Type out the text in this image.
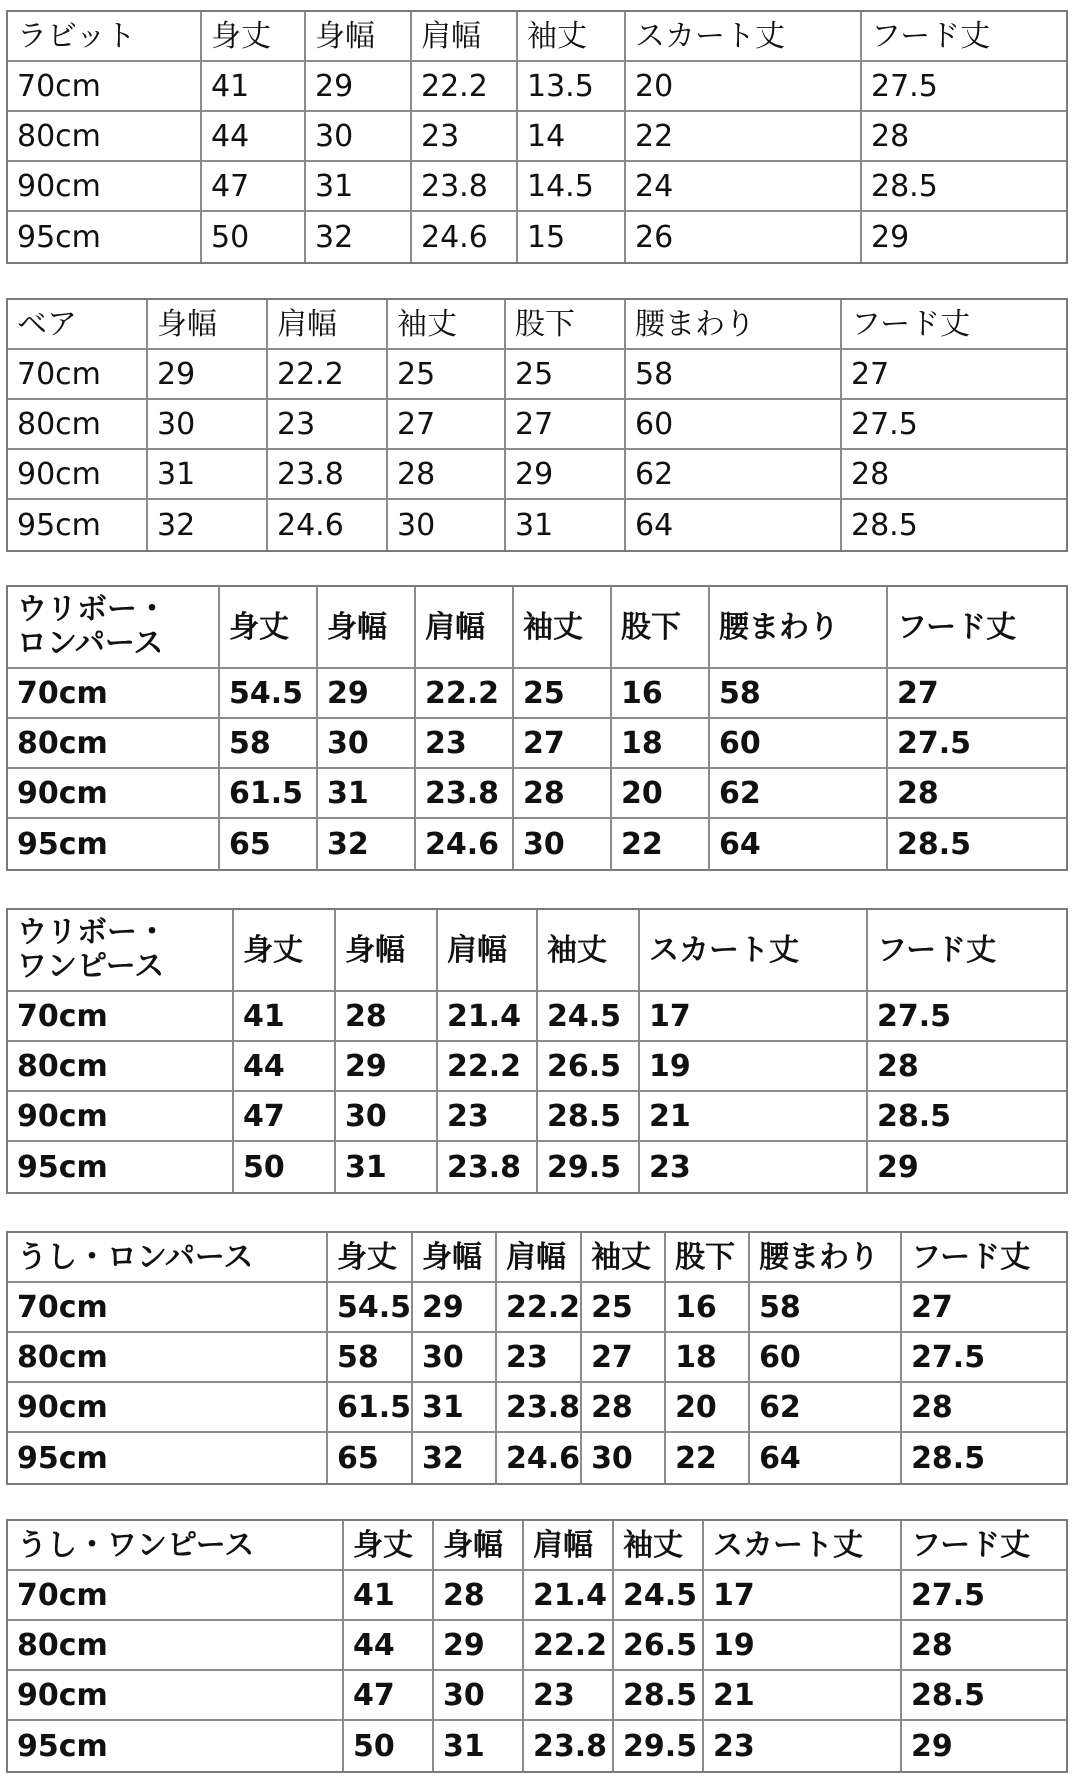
ラビット	身丈	身幅	肩幅	袖丈	スカート丈	フード丈
70cm	41	29	22.2	13.5	20	27.5
80cm	44	30	23	14	22	28
90cm	47	31	23.8	14.5	24	28.5
95cm	50	32	24.6	15	26	29
ベア	身幅	肩幅	袖丈	股下	腰まわり	フード丈
70cm	29	22.2	25	25	58	27
80cm	30	23	27	27	60	27.5
90cm	31	23.8	28	29	62	28
95cm	32	24.6	30	31	64	28.5
ウリボー・
ロンパース	身丈	身幅	肩幅	袖丈	股下	腰まわり	フード丈
70cm	54.5	29	22.2	25	16	58	27
80cm	58	30	23	27	18	60	27.5
90cm	61.5	31	23.8	28	20	62	28
95cm	65	32	24.6	30	22	64	28.5
ウリボー・
ワンピース	身丈	身幅	肩幅	袖丈	スカート丈	フード丈
70cm	41	28	21.4	24.5	17	27.5
80cm	44	29	22.2	26.5	19	28
90cm	47	30	23	28.5	21	28.5
95cm	50	31	23.8	29.5	23	29
うし・ロンパース	身丈	身幅	肩幅	袖丈	股下	腰まわり	フード丈
70cm	54.5	29	22.2	25	16	58	27
80cm	58	30	23	27	18	60	27.5
90cm	61.5	31	23.8	28	20	62	28
95cm	65	32	24.6	30	22	64	28.5
うし・ワンピース	身丈	身幅	肩幅	袖丈	スカート丈	フード丈
70cm	41	28	21.4	24.5	17	27.5
80cm	44	29	22.2	26.5	19	28
90cm	47	30	23	28.5	21	28.5
95cm	50	31	23.8	29.5	23	29
